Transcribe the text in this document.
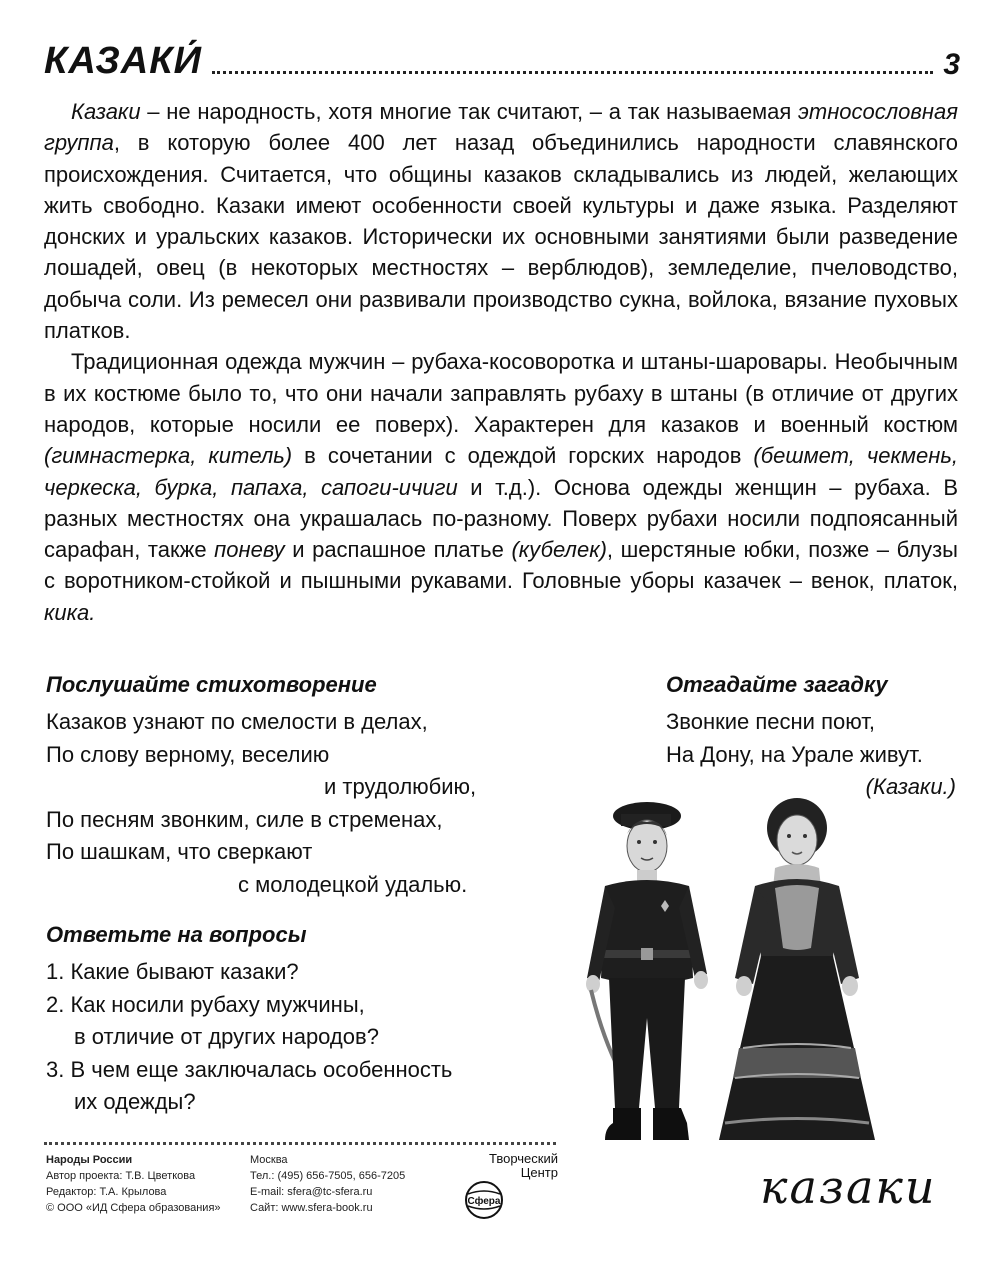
КАЗАКИ́	3

Казаки – не народность, хотя многие так считают, – а так называемая этносословная группа, в которую более 400 лет назад объединились народности славянского происхождения. Считается, что общины казаков складывались из людей, желающих жить свободно. Казаки имеют особенности своей культуры и даже языка. Разделяют донских и уральских казаков. Исторически их основными занятиями были разведение лошадей, овец (в некоторых местностях – верблюдов), земледелие, пчеловодство, добыча соли. Из ремесел они развивали производство сукна, войлока, вязание пуховых платков.

Традиционная одежда мужчин – рубаха-косоворотка и штаны-шаровары. Необычным в их костюме было то, что они начали заправлять рубаху в штаны (в отличие от других народов, которые носили ее поверх). Характерен для казаков и военный костюм (гимнастерка, китель) в сочетании с одеждой горских народов (бешмет, чекмень, черкеска, бурка, папаха, сапоги-ичиги и т.д.). Основа одежды женщин – рубаха. В разных местностях она украшалась по-разному. Поверх рубахи носили подпоясанный сарафан, также поневу и распашное платье (кубелек), шерстяные юбки, позже – блузы с воротником-стойкой и пышными рукавами. Головные уборы казачек – венок, платок, кика.

Послушайте стихотворение
Казаков узнают по смелости в делах,
По слову верному, веселию
и трудолюбию,
По песням звонким, силе в стременах,
По шашкам, что сверкают
с молодецкой удалью.
Отгадайте загадку
Звонкие песни поют,
На Дону, на Урале живут.
(Казаки.)
Ответьте на вопросы
1. Какие бывают казаки?
2. Как носили рубаху мужчины,
в отличие от других народов?
3. В чем еще заключалась особенность
их одежды?
Народы России
Автор проекта: Т.В. Цветкова
Редактор: Т.А. Крылова
© ООО «ИД Сфера образования»
Москва
Тел.: (495) 656-7505, 656-7205
E-mail: sfera@tc-sfera.ru
Сайт: www.sfera-book.ru
Творческий
Центр
Сфера	казаки
